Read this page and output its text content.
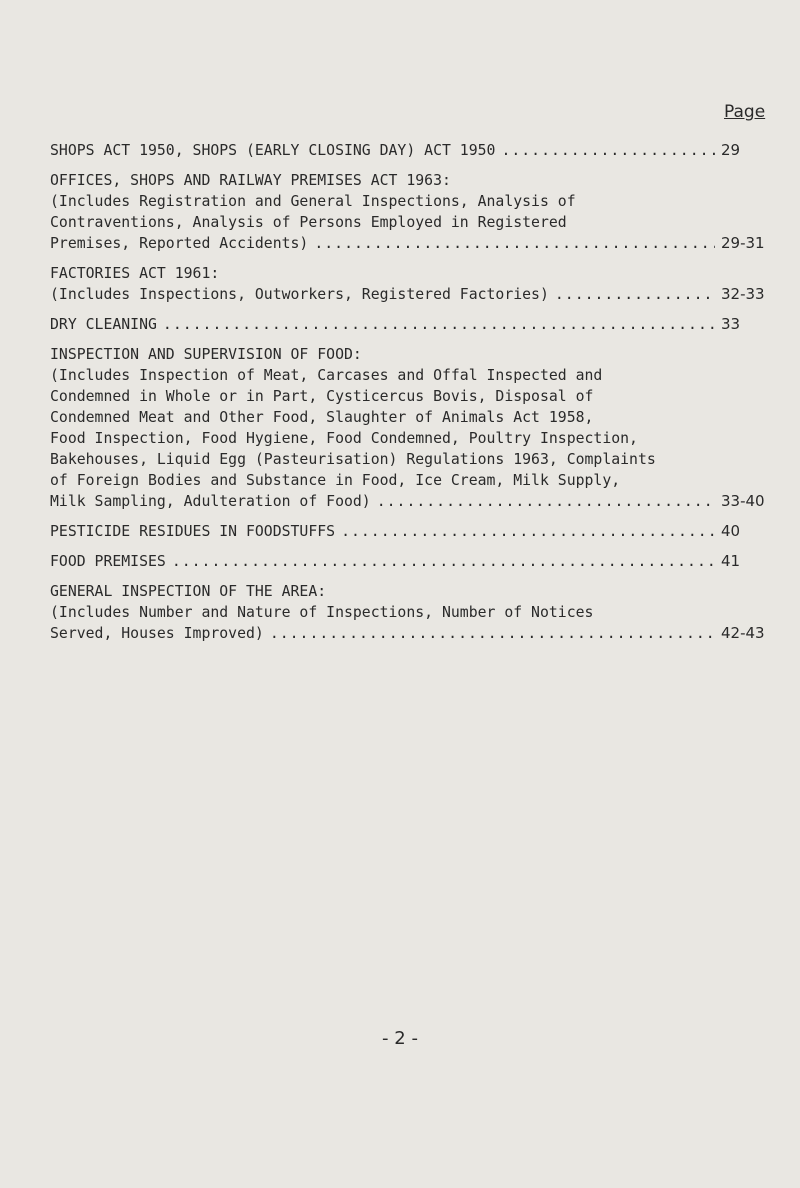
Page
SHOPS ACT 1950, SHOPS (EARLY CLOSING DAY) ACT 1950 .....	29
OFFICES, SHOPS AND RAILWAY PREMISES ACT 1963:
(Includes Registration and General Inspections, Analysis of
Contraventions, Analysis of Persons Employed in Registered
Premises, Reported Accidents) .....	29-31
FACTORIES ACT 1961:
(Includes Inspections, Outworkers, Registered Factories) .....	32-33
DRY CLEANING .....	33
INSPECTION AND SUPERVISION OF FOOD:
(Includes Inspection of Meat, Carcases and Offal Inspected and
Condemned in Whole or in Part, Cysticercus Bovis, Disposal of
Condemned Meat and Other Food, Slaughter of Animals Act 1958,
Food Inspection, Food Hygiene, Food Condemned, Poultry Inspection,
Bakehouses, Liquid Egg (Pasteurisation) Regulations 1963, Complaints
of Foreign Bodies and Substance in Food, Ice Cream, Milk Supply,
Milk Sampling, Adulteration of Food) .....	33-40
PESTICIDE RESIDUES IN FOODSTUFFS .....	40
FOOD PREMISES .....	41
GENERAL INSPECTION OF THE AREA:
(Includes Number and Nature of Inspections, Number of Notices
Served, Houses Improved) .....	42-43
- 2 -
